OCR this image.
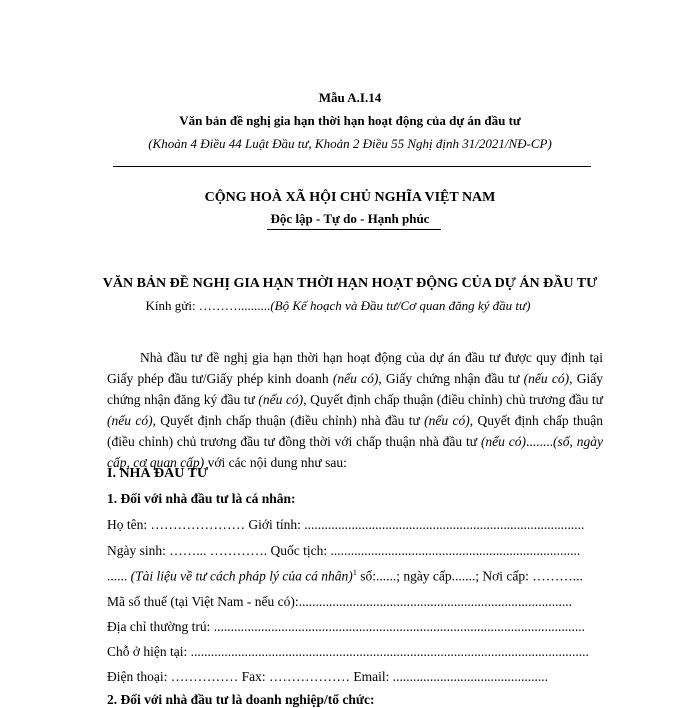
Mẫu A.I.14
Văn bản đề nghị gia hạn thời hạn hoạt động của dự án đầu tư
(Khoản 4 Điều 44 Luật Đầu tư, Khoản 2 Điều 55 Nghị định 31/2021/NĐ-CP)
CỘNG HOÀ XÃ HỘI CHỦ NGHĨA VIỆT NAM
Độc lập - Tự do - Hạnh phúc
VĂN BẢN ĐỀ NGHỊ GIA HẠN THỜI HẠN HOẠT ĐỘNG CỦA DỰ ÁN ĐẦU TƯ
Kính gửi: ………..........(Bộ Kế hoạch và Đầu tư/Cơ quan đăng ký đầu tư)
Nhà đầu tư đề nghị gia hạn thời hạn hoạt động của dự án đầu tư được quy định tại Giấy phép đầu tư/Giấy phép kinh doanh (nếu có), Giấy chứng nhận đầu tư (nếu có), Giấy chứng nhận đăng ký đầu tư (nếu có), Quyết định chấp thuận (điều chỉnh) chủ trương đầu tư (nếu có), Quyết định chấp thuận (điều chỉnh) nhà đầu tư (nếu có), Quyết định chấp thuận (điều chỉnh) chủ trương đầu tư đồng thời với chấp thuận nhà đầu tư (nếu có)........(số, ngày cấp, cơ quan cấp) với các nội dung như sau:
I. NHÀ ĐẦU TƯ
1. Đối với nhà đầu tư là cá nhân:
Họ tên: ………………… Giới tính: ...................................................................................
Ngày sinh: ……... …………. Quốc tịch: ..........................................................................
...... (Tài liệu về tư cách pháp lý của cá nhân)$^1$ số:......; ngày cấp.......; Nơi cấp: ………...
Mã số thuế (tại Việt Nam - nếu có):.................................................................................
Địa chỉ thường trú: ..............................................................................................................
Chỗ ở hiện tại: ......................................................................................................................
Điện thoại: …………… Fax: ……………… Email: ..............................................
2. Đối với nhà đầu tư là doanh nghiệp/tổ chức:
